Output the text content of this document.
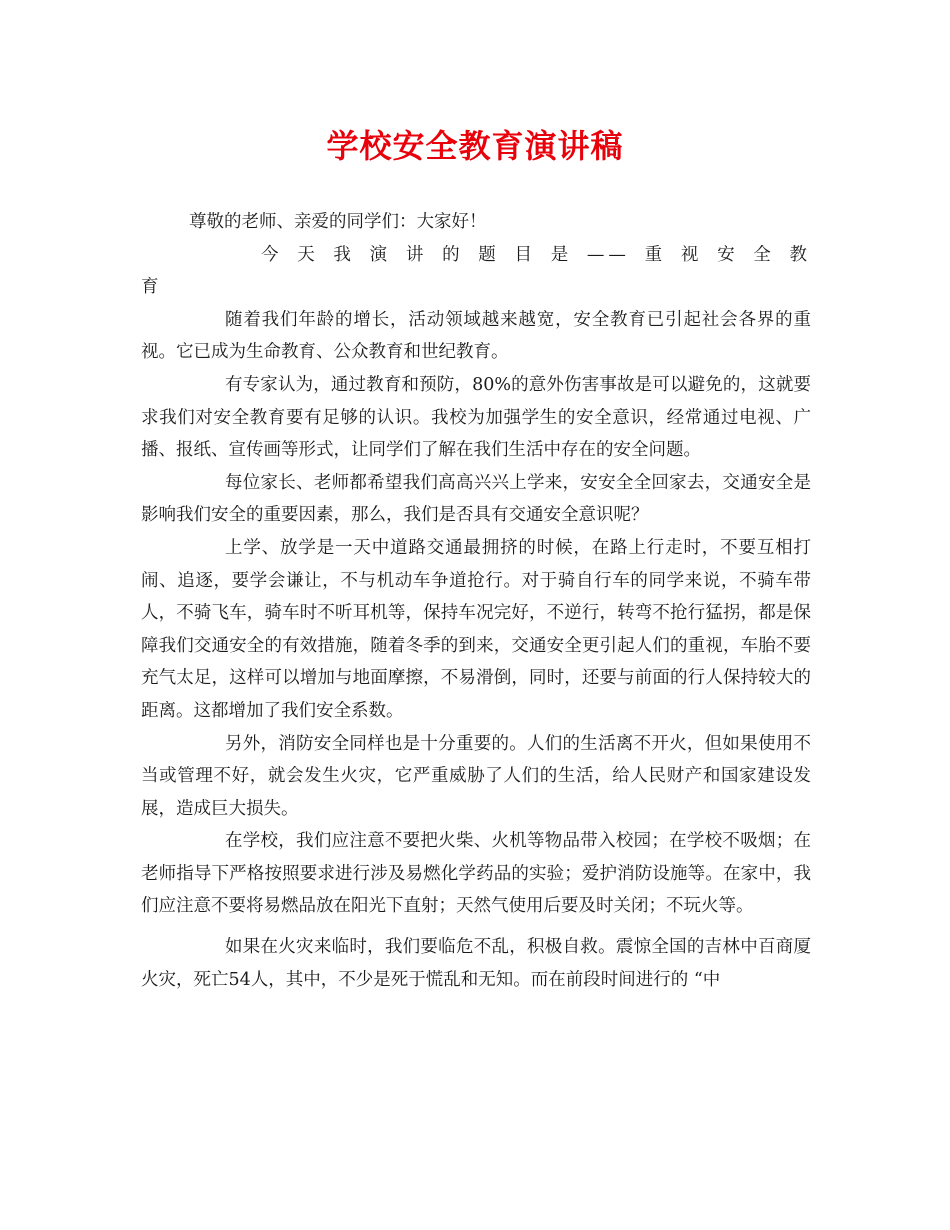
学校安全教育演讲稿

尊敬的老师、亲爱的同学们：大家好！

今天我演讲的题目是——重视安全教

育

随着我们年龄的增长，活动领域越来越宽，安全教育已引起社会各界的重视。它已成为生命教育、公众教育和世纪教育。

有专家认为，通过教育和预防，80%的意外伤害事故是可以避免的，这就要求我们对安全教育要有足够的认识。我校为加强学生的安全意识，经常通过电视、广播、报纸、宣传画等形式，让同学们了解在我们生活中存在的安全问题。

每位家长、老师都希望我们高高兴兴上学来，安安全全回家去，交通安全是影响我们安全的重要因素，那么，我们是否具有交通安全意识呢？

上学、放学是一天中道路交通最拥挤的时候，在路上行走时，不要互相打闹、追逐，要学会谦让，不与机动车争道抢行。对于骑自行车的同学来说，不骑车带人，不骑飞车，骑车时不听耳机等，保持车况完好，不逆行，转弯不抢行猛拐，都是保障我们交通安全的有效措施，随着冬季的到来，交通安全更引起人们的重视，车胎不要充气太足，这样可以增加与地面摩擦，不易滑倒，同时，还要与前面的行人保持较大的距离。这都增加了我们安全系数。

另外，消防安全同样也是十分重要的。人们的生活离不开火，但如果使用不当或管理不好，就会发生火灾，它严重威胁了人们的生活，给人民财产和国家建设发展，造成巨大损失。

在学校，我们应注意不要把火柴、火机等物品带入校园；在学校不吸烟；在老师指导下严格按照要求进行涉及易燃化学药品的实验；爱护消防设施等。在家中，我们应注意不要将易燃品放在阳光下直射；天然气使用后要及时关闭；不玩火等。

如果在火灾来临时，我们要临危不乱，积极自救。震惊全国的吉林中百商厦火灾，死亡54人，其中，不少是死于慌乱和无知。而在前段时间进行的 “中
